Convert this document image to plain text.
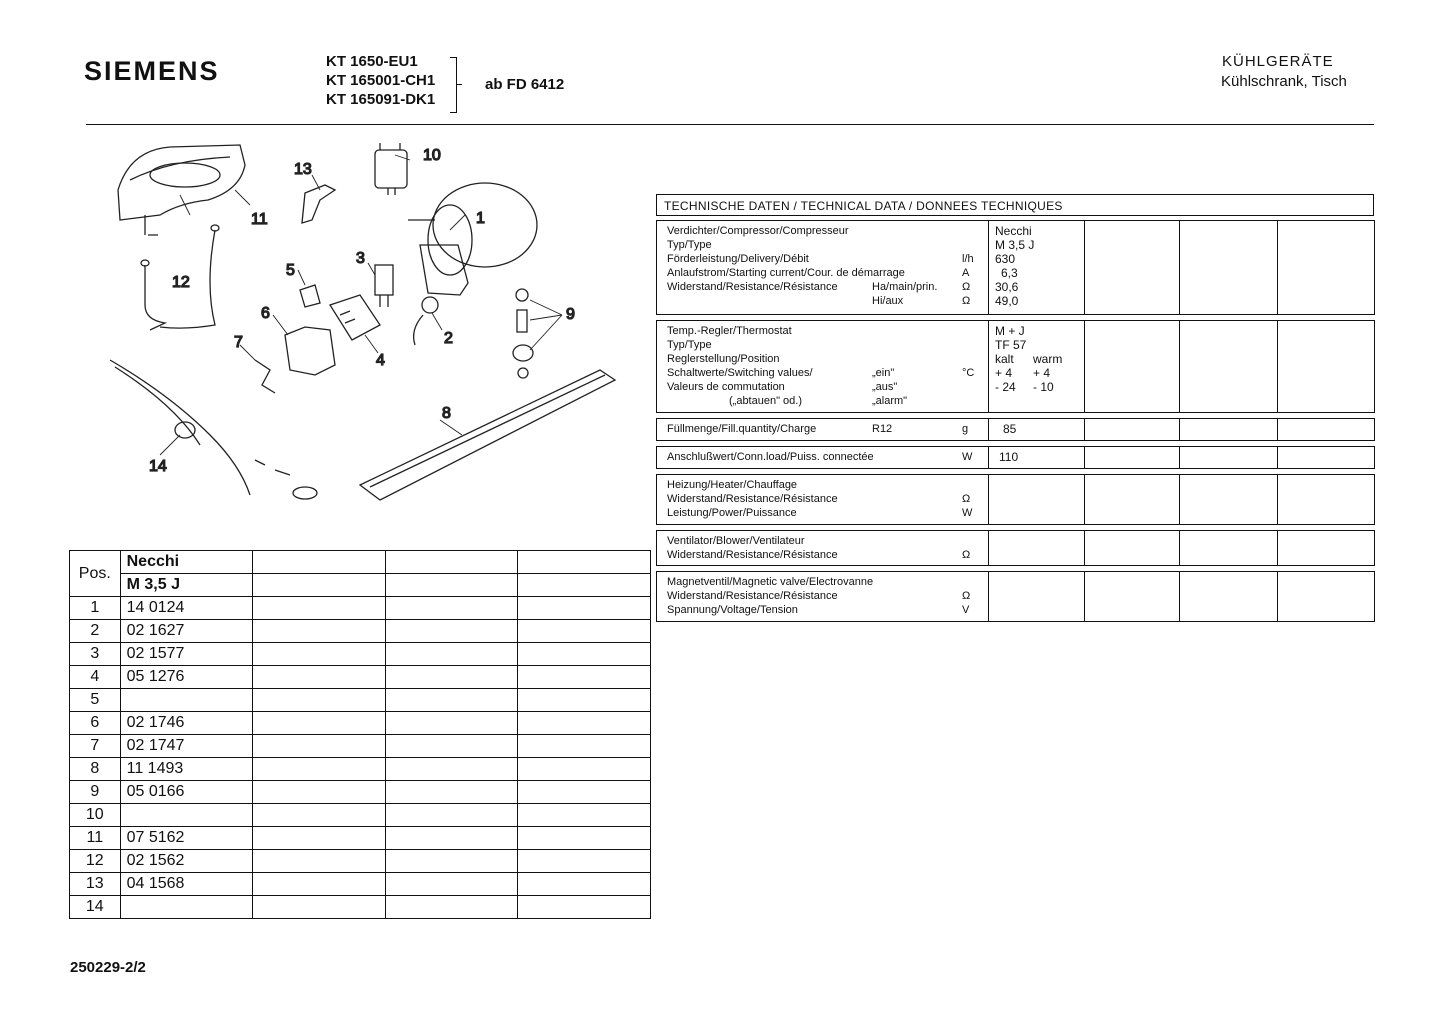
SIEMENS	KT 1650-EU1
KT 165001-CH1
KT 165091-DK1
ab FD 6412
KÜHLGERÄTE
Kühlschrank, Tisch
1
2
3
4
5
6
7
8
9
10
11
12
13
14
Pos.	Necchi			
	M 3,5 J			
1	14 0124			
2	02 1627			
3	02 1577			
4	05 1276			
5				
6	02 1746			
7	02 1747			
8	11 1493			
9	05 0166			
10				
11	07 5162			
12	02 1562			
13	04 1568			
14				
TECHNISCHE DATEN / TECHNICAL DATA / DONNEES TECHNIQUES
Verdichter/Compressor/Compresseur
Typ/Type
Förderleistung/Delivery/Débit	l/h
Anlaufstrom/Starting current/Cour. de démarrage	A
Widerstand/Resistance/Résistance	Ha/main/prin. Ω
Hi/aux	Ω
Necchi
M 3,5 J
630
6,3
30,6
49,0
Temp.-Regler/Thermostat
Typ/Type
Reglerstellung/Position
Schaltwerte/Switching values/	„ein"	°C
Valeurs de commutation	„aus"
(„abtauen" od.)	„alarm"
M + J
TF 57
kalt warm
+ 4 + 4
- 24 - 10
Füllmenge/Fill.quantity/Charge	R12	g	85
Anschlußwert/Conn.load/Puiss. connectée	W 110
Heizung/Heater/Chauffage
Widerstand/Resistance/Résistance	Ω
Leistung/Power/Puissance	W
Ventilator/Blower/Ventilateur
Widerstand/Resistance/Résistance	Ω
Magnetventil/Magnetic valve/Electrovanne
Widerstand/Resistance/Résistance	Ω
Spannung/Voltage/Tension	V
250229-2/2
